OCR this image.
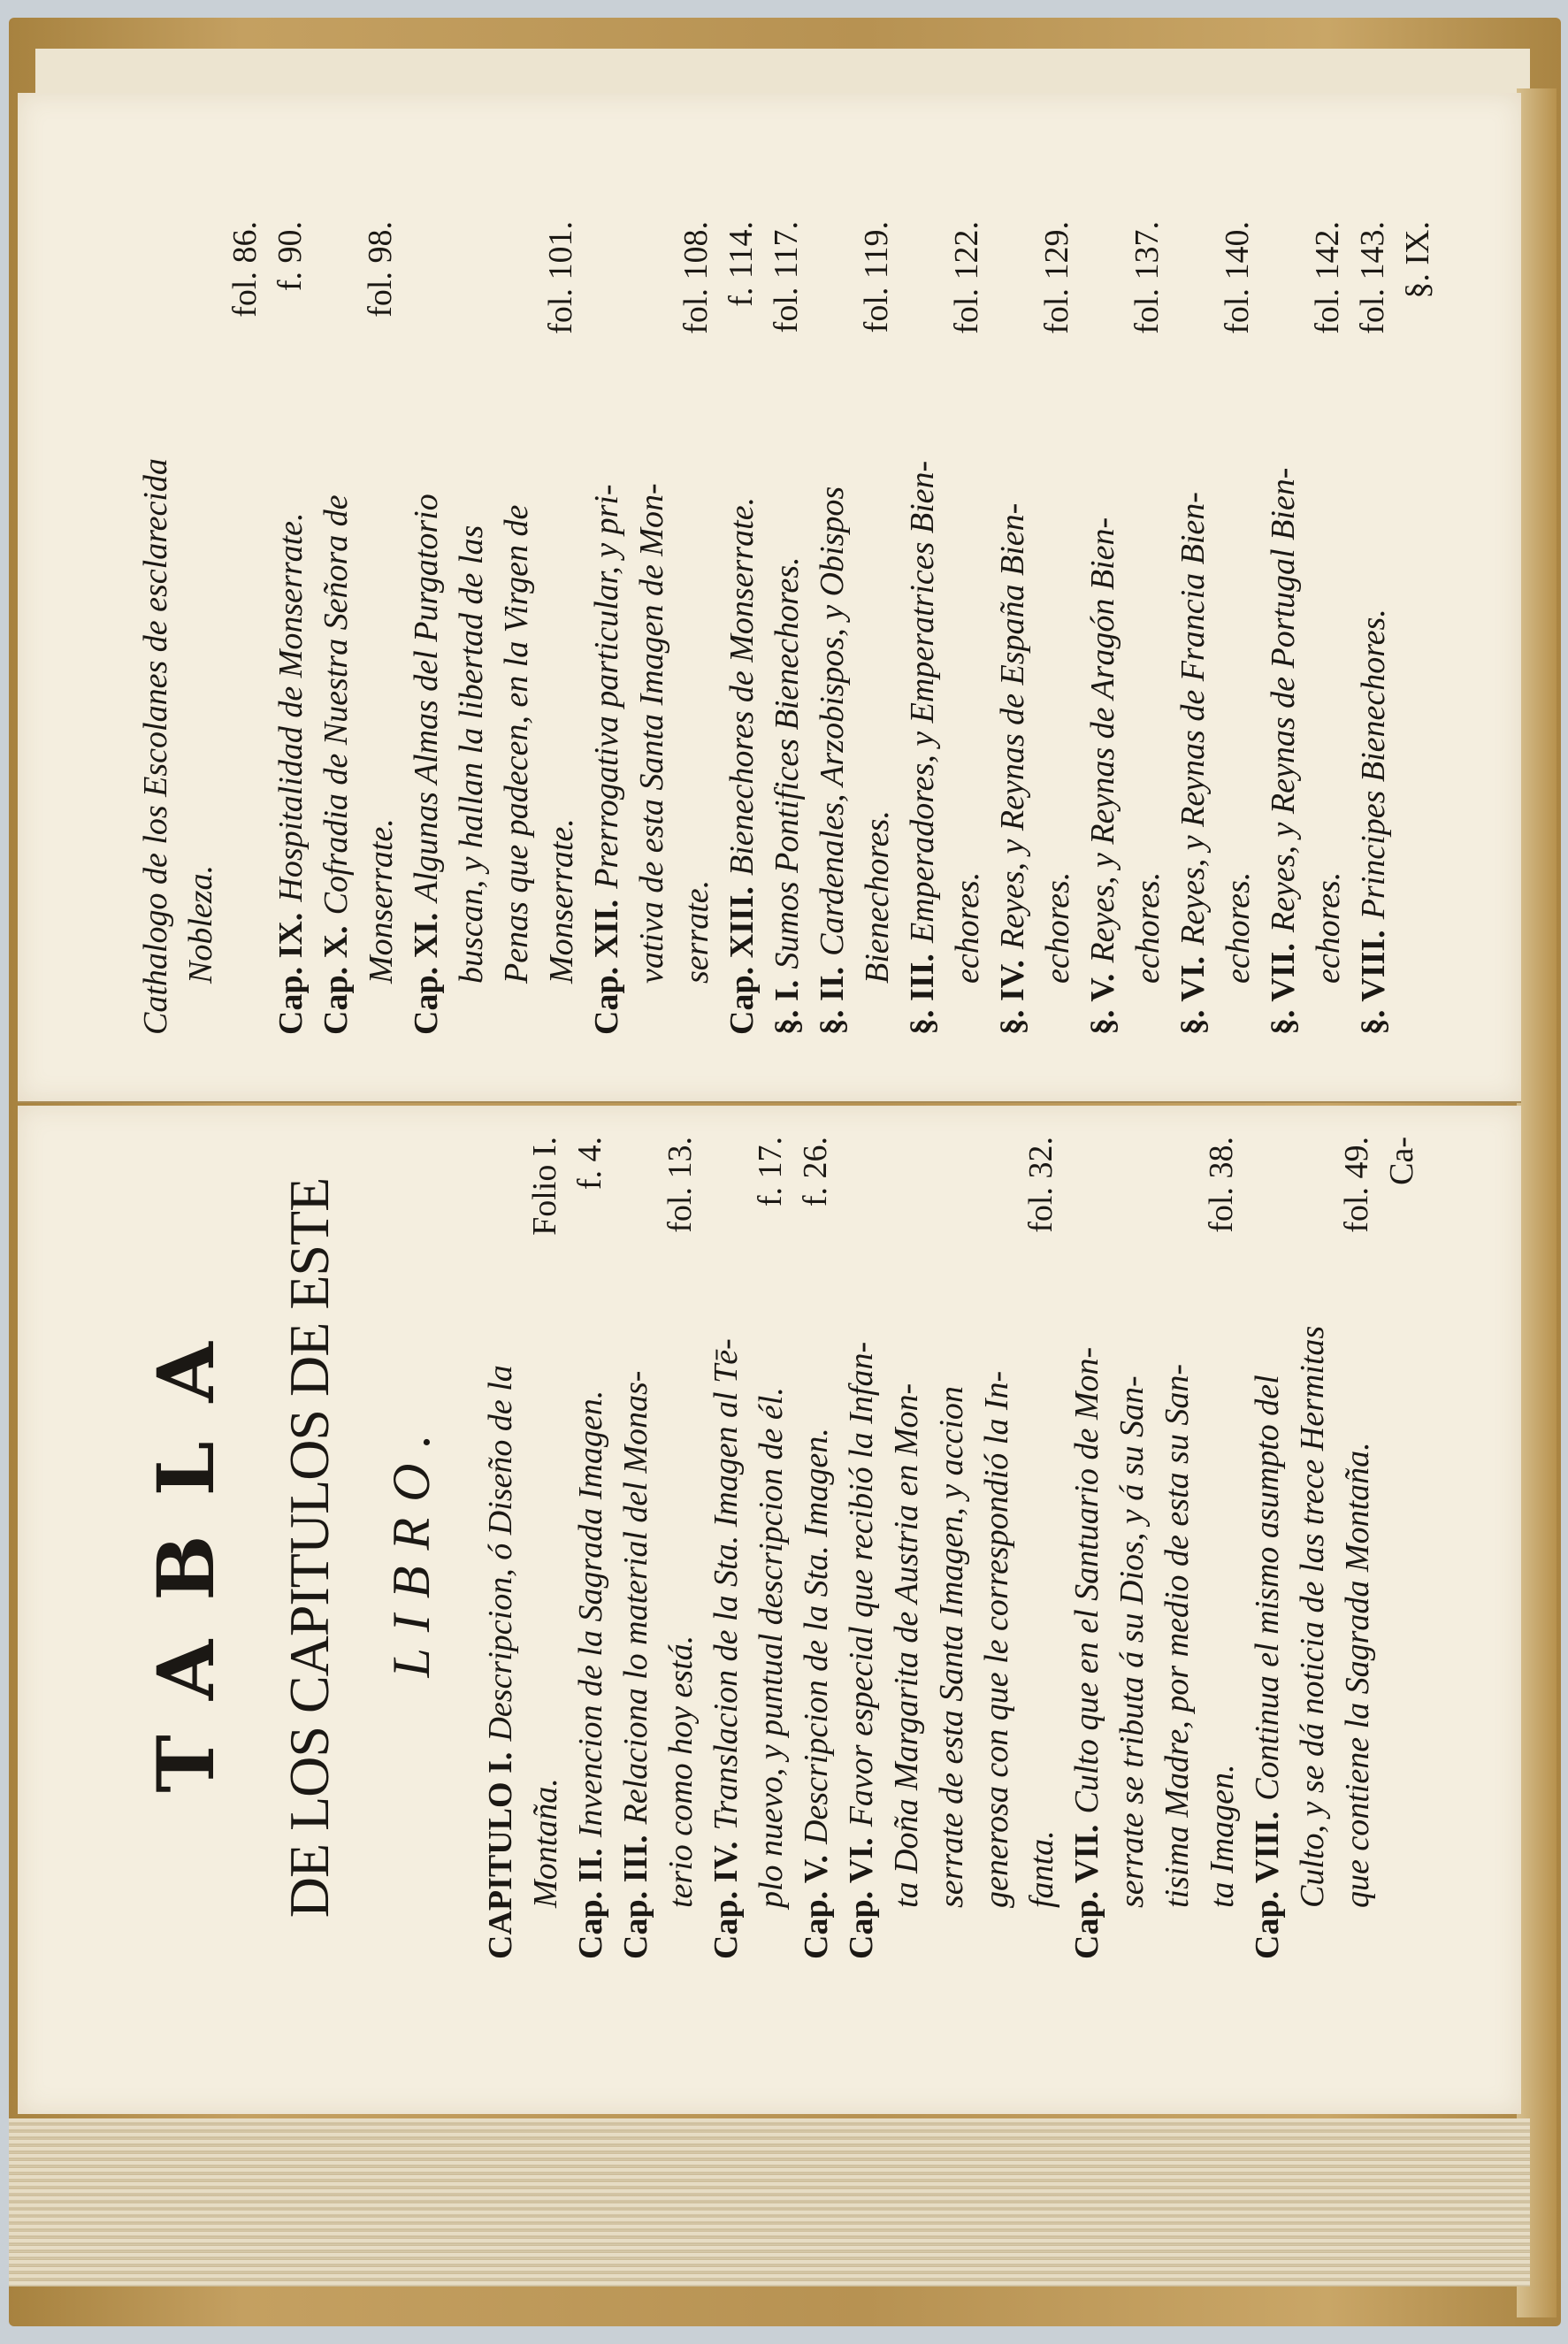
Cathalogo de los Escolanes de esclarecida Nobleza.
fol. 86.
Cap. IX. Hospitalidad de Monserrate.
f. 90.
Cap. X. Cofradia de Nuestra Señora de Monserrate.
fol. 98.
Cap. XI. Algunas Almas del Purgatorio buscan, y hallan la libertad de las Penas que padecen, en la Virgen de Monserrate.
fol. 101.
Cap. XII. Prerrogativa particular, y pri- vativa de esta Santa Imagen de Mon- serrate.
fol. 108.
Cap. XIII. Bienechores de Monserrate.
f. 114.
§. I. Sumos Pontifices Bienechores.
fol. 117.
§. II. Cardenales, Arzobispos, y Obispos Bienechores.
fol. 119.
§. III. Emperadores, y Emperatrices Bien- echores.
fol. 122.
§. IV. Reyes, y Reynas de España Bien- echores.
fol. 129.
§. V. Reyes, y Reynas de Aragón Bien- echores.
fol. 137.
§. VI. Reyes, y Reynas de Francia Bien- echores.
fol. 140.
§. VII. Reyes, y Reynas de Portugal Bien- echores.
fol. 142.
§. VIII. Principes Bienechores.
fol. 143. §. IX.
TABLA DE LOS CAPITULOS DE ESTE LIBRO.
CAPITULO I. Descripcion, ó Diseño de la
Montaña.
Folio I.
Cap. II. Invencion de la Sagrada Imagen.
f. 4.
Cap. III. Relaciona lo material del Monas- terio como hoy está.
fol. 13.
Cap. IV. Translacion de la Sta. Imagen al Tē- plo nuevo, y puntual descripcion de él.
f. 17.
Cap. V. Descripcion de la Sta. Imagen.
f. 26.
Cap. VI. Favor especial que recibió la Infan- ta Doña Margarita de Austria en Mon- serrate de esta Santa Imagen, y accion generosa con que le correspondió la In- fanta.
fol. 32.
Cap. VII. Culto que en el Santuario de Mon- serrate se tributa á su Dios, y á su San- tisima Madre, por medio de esta su San- ta Imagen.
fol. 38.
Cap. VIII. Continua el mismo asumpto del Culto, y se dá noticia de las trece Hermitas que contiene la Sagrada Montaña.
fol. 49. Ca-
